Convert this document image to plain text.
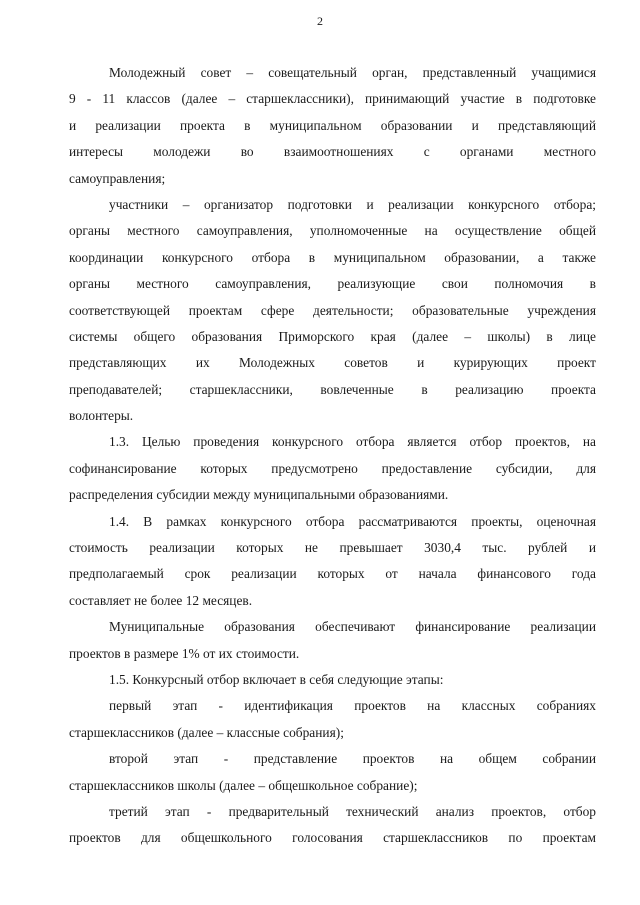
2
Молодежный совет – совещательный орган, представленный учащимися
9 - 11 классов (далее – старшеклассники), принимающий участие в подготовке
и реализации проекта в муниципальном образовании и представляющий
интересы молодежи во взаимоотношениях с органами местного
самоуправления;
участники – организатор подготовки и реализации конкурсного отбора;
органы местного самоуправления, уполномоченные на осуществление общей
координации конкурсного отбора в муниципальном образовании, а также
органы местного самоуправления, реализующие свои полномочия в
соответствующей проектам сфере деятельности; образовательные учреждения
системы общего образования Приморского края (далее – школы) в лице
представляющих их Молодежных советов и курирующих проект
преподавателей; старшеклассники, вовлеченные в реализацию проекта
волонтеры.
1.3. Целью проведения конкурсного отбора является отбор проектов, на
софинансирование которых предусмотрено предоставление субсидии, для
распределения субсидии между муниципальными образованиями.
1.4. В рамках конкурсного отбора рассматриваются проекты, оценочная
стоимость реализации которых не превышает 3030,4 тыс. рублей и
предполагаемый срок реализации которых от начала финансового года
составляет не более 12 месяцев.
Муниципальные образования обеспечивают финансирование реализации
проектов в размере 1% от их стоимости.
1.5. Конкурсный отбор включает в себя следующие этапы:
первый этап - идентификация проектов на классных собраниях
старшеклассников (далее – классные собрания);
второй этап - представление проектов на общем собрании
старшеклассников школы (далее – общешкольное собрание);
третий этап - предварительный технический анализ проектов, отбор
проектов для общешкольного голосования старшеклассников по проектам
